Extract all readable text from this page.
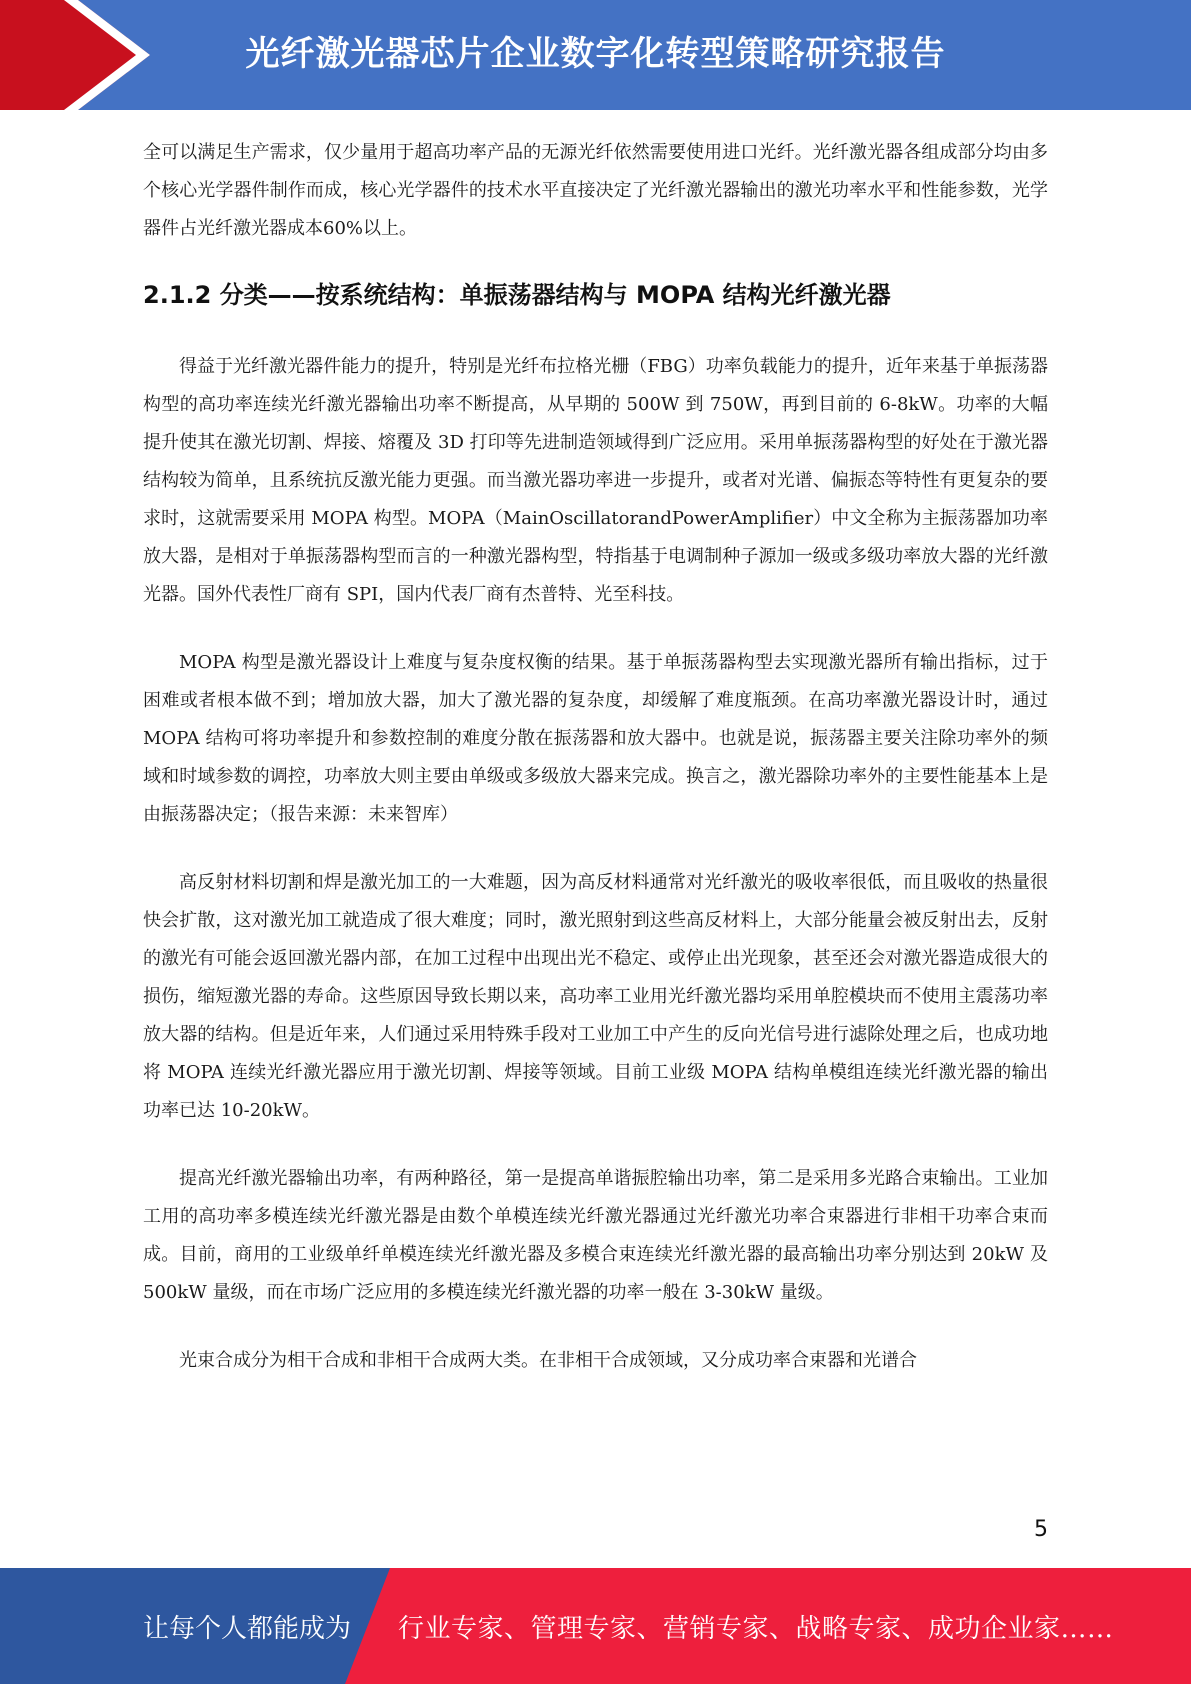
光纤激光器芯片企业数字化转型策略研究报告

全可以满足生产需求，仅少量用于超高功率产品的无源光纤依然需要使用进口光纤。光纤激光器各组成部分均由多个核心光学器件制作而成，核心光学器件的技术水平直接决定了光纤激光器输出的激光功率水平和性能参数，光学器件占光纤激光器成本60%以上。

2.1.2 分类——按系统结构：单振荡器结构与 MOPA 结构光纤激光器

得益于光纤激光器件能力的提升，特别是光纤布拉格光栅（FBG）功率负载能力的提升，近年来基于单振荡器构型的高功率连续光纤激光器输出功率不断提高，从早期的 500W 到 750W，再到目前的 6-8kW。功率的大幅提升使其在激光切割、焊接、熔覆及 3D 打印等先进制造领域得到广泛应用。采用单振荡器构型的好处在于激光器结构较为简单，且系统抗反激光能力更强。而当激光器功率进一步提升，或者对光谱、偏振态等特性有更复杂的要求时，这就需要采用 MOPA 构型。MOPA（MainOscillatorandPowerAmplifier）中文全称为主振荡器加功率放大器，是相对于单振荡器构型而言的一种激光器构型，特指基于电调制种子源加一级或多级功率放大器的光纤激光器。国外代表性厂商有 SPI，国内代表厂商有杰普特、光至科技。

MOPA 构型是激光器设计上难度与复杂度权衡的结果。基于单振荡器构型去实现激光器所有输出指标，过于困难或者根本做不到；增加放大器，加大了激光器的复杂度，却缓解了难度瓶颈。在高功率激光器设计时，通过 MOPA 结构可将功率提升和参数控制的难度分散在振荡器和放大器中。也就是说，振荡器主要关注除功率外的频域和时域参数的调控，功率放大则主要由单级或多级放大器来完成。换言之，激光器除功率外的主要性能基本上是由振荡器决定；（报告来源：未来智库）

高反射材料切割和焊是激光加工的一大难题，因为高反材料通常对光纤激光的吸收率很低，而且吸收的热量很快会扩散，这对激光加工就造成了很大难度；同时，激光照射到这些高反材料上，大部分能量会被反射出去，反射的激光有可能会返回激光器内部，在加工过程中出现出光不稳定、或停止出光现象，甚至还会对激光器造成很大的损伤，缩短激光器的寿命。这些原因导致长期以来，高功率工业用光纤激光器均采用单腔模块而不使用主震荡功率放大器的结构。但是近年来，人们通过采用特殊手段对工业加工中产生的反向光信号进行滤除处理之后，也成功地将 MOPA 连续光纤激光器应用于激光切割、焊接等领域。目前工业级 MOPA 结构单模组连续光纤激光器的输出功率已达 10-20kW。

提高光纤激光器输出功率，有两种路径，第一是提高单谐振腔输出功率，第二是采用多光路合束输出。工业加工用的高功率多模连续光纤激光器是由数个单模连续光纤激光器通过光纤激光功率合束器进行非相干功率合束而成。目前，商用的工业级单纤单模连续光纤激光器及多模合束连续光纤激光器的最高输出功率分别达到 20kW 及 500kW 量级，而在市场广泛应用的多模连续光纤激光器的功率一般在 3-30kW 量级。

光束合成分为相干合成和非相干合成两大类。在非相干合成领域，又分成功率合束器和光谱合

5
让每个人都能成为 行业专家、管理专家、营销专家、战略专家、成功企业家……
